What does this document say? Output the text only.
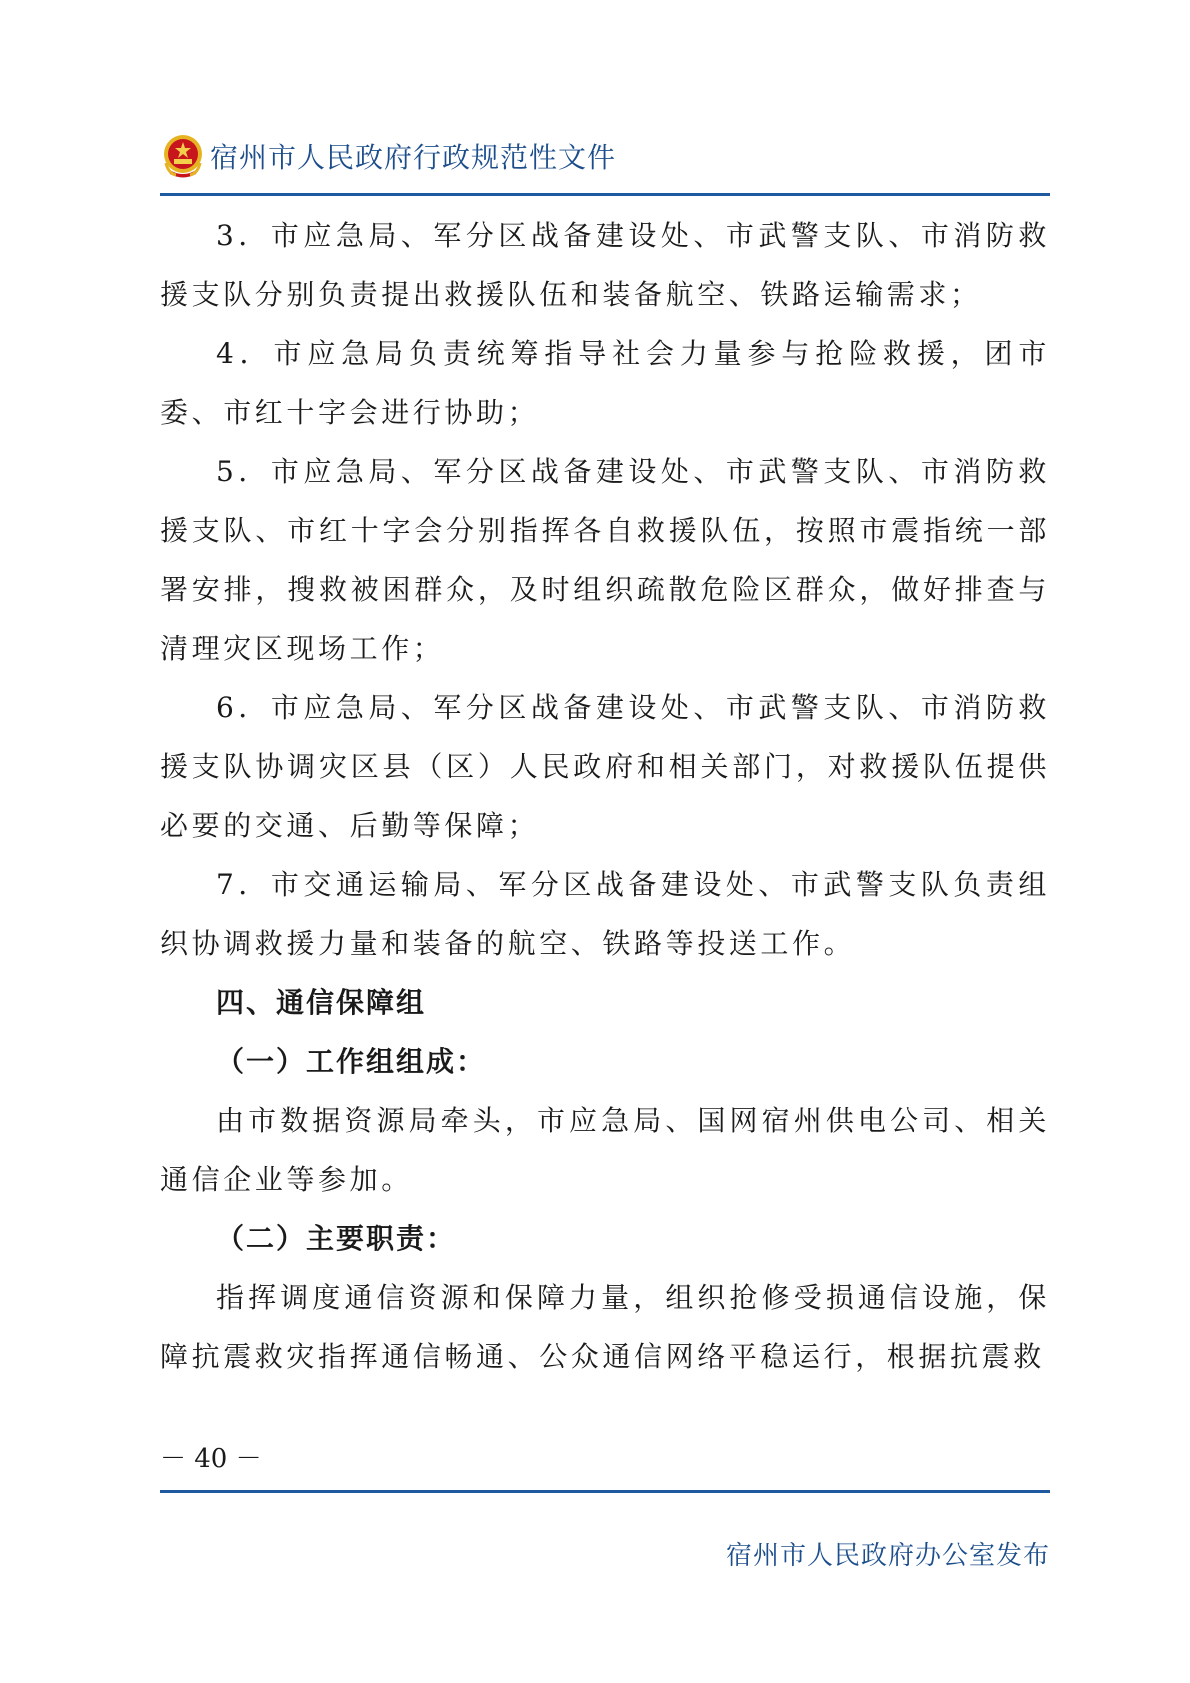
宿州市人民政府行政规范性文件

3．市应急局、军分区战备建设处、市武警支队、市消防救援支队分别负责提出救援队伍和装备航空、铁路运输需求；

4．市应急局负责统筹指导社会力量参与抢险救援，团市委、市红十字会进行协助；

5．市应急局、军分区战备建设处、市武警支队、市消防救援支队、市红十字会分别指挥各自救援队伍，按照市震指统一部署安排，搜救被困群众，及时组织疏散危险区群众，做好排查与清理灾区现场工作；

6．市应急局、军分区战备建设处、市武警支队、市消防救援支队协调灾区县（区）人民政府和相关部门，对救援队伍提供必要的交通、后勤等保障；

7．市交通运输局、军分区战备建设处、市武警支队负责组织协调救援力量和装备的航空、铁路等投送工作。

四、通信保障组

（一）工作组组成：

由市数据资源局牵头，市应急局、国网宿州供电公司、相关通信企业等参加。

（二）主要职责：

指挥调度通信资源和保障力量，组织抢修受损通信设施，保障抗震救灾指挥通信畅通、公众通信网络平稳运行，根据抗震救

－ 40 －
宿州市人民政府办公室发布
